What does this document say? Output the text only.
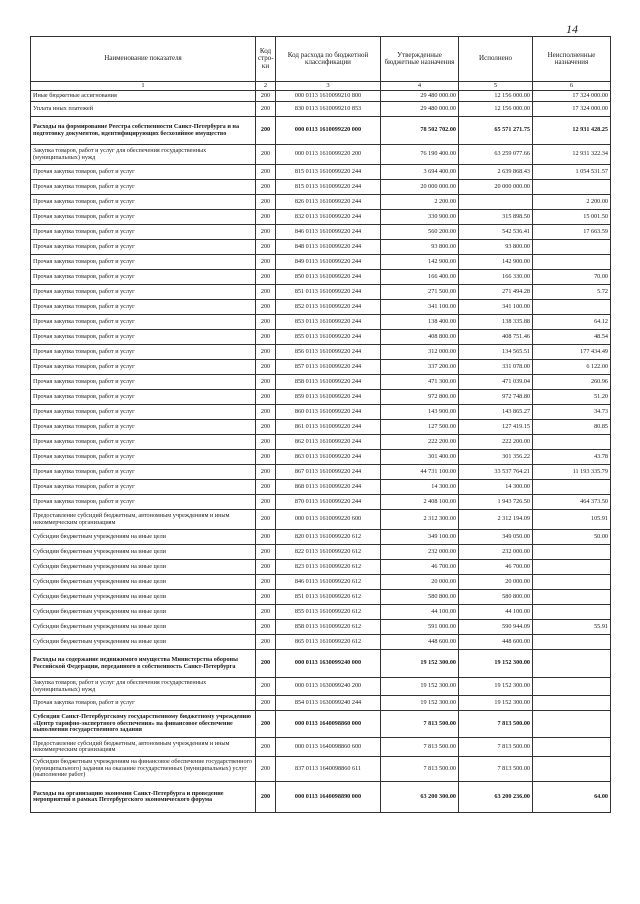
14
Наименование показателя	Код стро- ки	Код расхода по бюджетной классификации	Утвержденные бюджетные назначения	Исполнено	Неисполненные назначения
1	2	3	4	5	6
Иные бюджетные ассигнования	200	000 0113 1610099210 800	29 480 000.00	12 156 000.00	17 324 000.00
Уплата иных платежей	200	830 0113 1610099210 853	29 480 000.00	12 156 000.00	17 324 000.00
Расходы на формирование Реестра собственности Санкт-Петербурга и на подготовку документов, идентифицирующих бесхозяйное имущество	200	000 0113 1610099220 000	78 502 702.00	65 571 271.75	12 931 428.25
Закупка товаров, работ и услуг для обеспечения государственных (муниципальных) нужд	200	000 0113 1610099220 200	76 190 400.00	63 259 077.66	12 931 322.34
Прочая закупка товаров, работ и услуг	200	815 0113 1610099220 244	3 694 400.00	2 639 868.43	1 054 531.57
Прочая закупка товаров, работ и услуг	200	815 0113 1610099220 244	20 000 000.00	20 000 000.00	
Прочая закупка товаров, работ и услуг	200	826 0113 1610099220 244	2 200.00		2 200.00
Прочая закупка товаров, работ и услуг	200	832 0113 1610099220 244	330 900.00	315 898.50	15 001.50
Прочая закупка товаров, работ и услуг	200	846 0113 1610099220 244	560 200.00	542 536.41	17 663.59
Прочая закупка товаров, работ и услуг	200	848 0113 1610099220 244	93 800.00	93 800.00	
Прочая закупка товаров, работ и услуг	200	849 0113 1610099220 244	142 900.00	142 900.00	
Прочая закупка товаров, работ и услуг	200	850 0113 1610099220 244	166 400.00	166 330.00	70.00
Прочая закупка товаров, работ и услуг	200	851 0113 1610099220 244	271 500.00	271 494.28	5.72
Прочая закупка товаров, работ и услуг	200	852 0113 1610099220 244	341 100.00	341 100.00	
Прочая закупка товаров, работ и услуг	200	853 0113 1610099220 244	138 400.00	138 335.88	64.12
Прочая закупка товаров, работ и услуг	200	855 0113 1610099220 244	408 800.00	408 751.46	48.54
Прочая закупка товаров, работ и услуг	200	856 0113 1610099220 244	312 000.00	134 565.51	177 434.49
Прочая закупка товаров, работ и услуг	200	857 0113 1610099220 244	337 200.00	331 078.00	6 122.00
Прочая закупка товаров, работ и услуг	200	858 0113 1610099220 244	471 300.00	471 039.04	260.96
Прочая закупка товаров, работ и услуг	200	859 0113 1610099220 244	972 800.00	972 748.80	51.20
Прочая закупка товаров, работ и услуг	200	860 0113 1610099220 244	143 900.00	143 865.27	34.73
Прочая закупка товаров, работ и услуг	200	861 0113 1610099220 244	127 500.00	127 419.15	80.85
Прочая закупка товаров, работ и услуг	200	862 0113 1610099220 244	222 200.00	222 200.00	
Прочая закупка товаров, работ и услуг	200	863 0113 1610099220 244	301 400.00	301 356.22	43.78
Прочая закупка товаров, работ и услуг	200	867 0113 1610099220 244	44 731 100.00	33 537 764.21	11 193 335.79
Прочая закупка товаров, работ и услуг	200	868 0113 1610099220 244	14 300.00	14 300.00	
Прочая закупка товаров, работ и услуг	200	870 0113 1610099220 244	2 408 100.00	1 943 726.50	464 373.50
Предоставление субсидий бюджетным, автономным учреждениям и иным некоммерческим организациям	200	000 0113 1610099220 600	2 312 300.00	2 312 194.09	105.91
Субсидии бюджетным учреждениям на иные цели	200	820 0113 1610099220 612	349 100.00	349 050.00	50.00
Субсидии бюджетным учреждениям на иные цели	200	822 0113 1610099220 612	232 000.00	232 000.00	
Субсидии бюджетным учреждениям на иные цели	200	823 0113 1610099220 612	46 700.00	46 700.00	
Субсидии бюджетным учреждениям на иные цели	200	846 0113 1610099220 612	20 000.00	20 000.00	
Субсидии бюджетным учреждениям на иные цели	200	851 0113 1610099220 612	580 800.00	580 800.00	
Субсидии бюджетным учреждениям на иные цели	200	855 0113 1610099220 612	44 100.00	44 100.00	
Субсидии бюджетным учреждениям на иные цели	200	858 0113 1610099220 612	591 000.00	590 944.09	55.91
Субсидии бюджетным учреждениям на иные цели	200	865 0113 1610099220 612	448 600.00	448 600.00	
Расходы на содержание недвижимого имущества Министерства обороны Российской Федерации, переданного в собственность Санкт-Петербурга	200	000 0113 1630099240 000	19 152 300.00	19 152 300.00	
Закупка товаров, работ и услуг для обеспечения государственных (муниципальных) нужд	200	000 0113 1630099240 200	19 152 300.00	19 152 300.00	
Прочая закупка товаров, работ и услуг	200	854 0113 1630099240 244	19 152 300.00	19 152 300.00	
Субсидия Санкт-Петербургскому государственному бюджетному учреждению «Центр тарифно-экспертного обеспечения» на финансовое обеспечение выполнения государственного задания	200	000 0113 1640098860 000	7 813 500.00	7 813 500.00	
Предоставление субсидий бюджетным, автономным учреждениям и иным некоммерческим организациям	200	000 0113 1640098860 600	7 813 500.00	7 813 500.00	
Субсидии бюджетным учреждениям на финансовое обеспечение государственного (муниципального) задания на оказание государственных (муниципальных) услуг (выполнение работ)	200	837 0113 1640098860 611	7 813 500.00	7 813 500.00	
Расходы на организацию экономии Санкт-Петербурга и проведение мероприятий в рамках Петербургского экономического форума	200	000 0113 1640098890 000	63 200 300.00	63 200 236.00	64.00
